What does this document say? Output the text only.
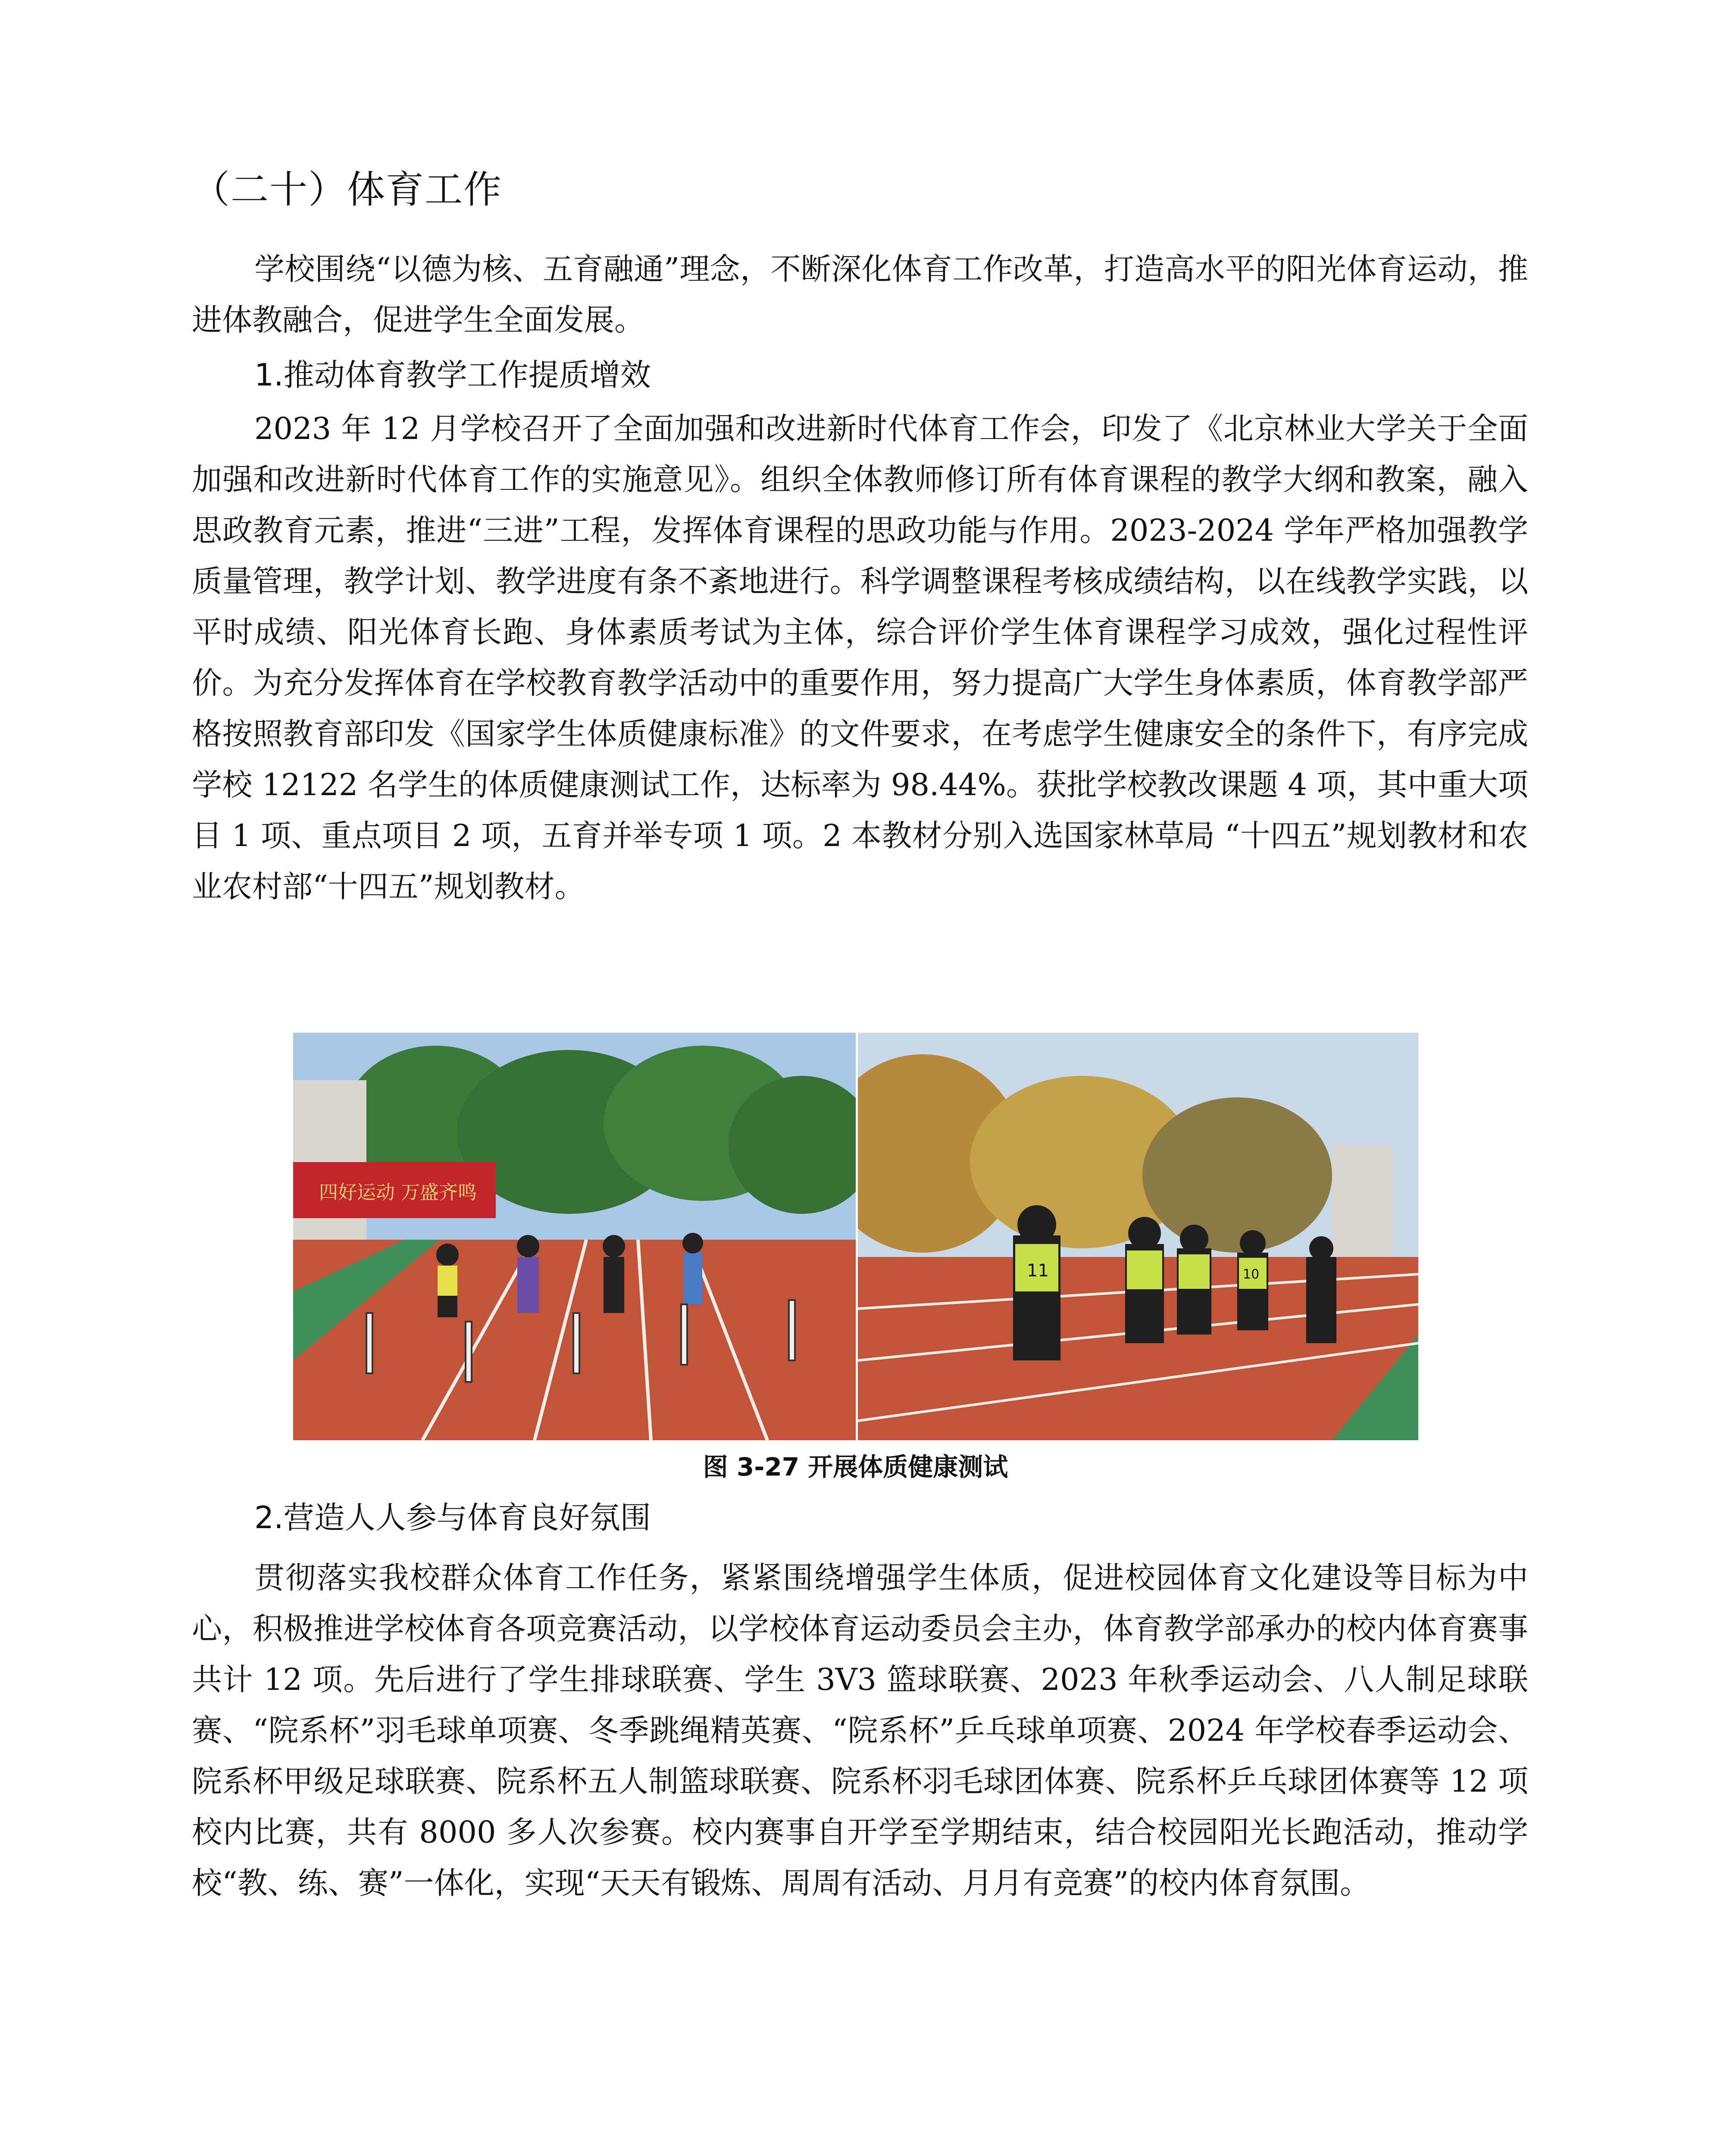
（二十）体育工作

学校围绕“以德为核、五育融通”理念，不断深化体育工作改革，打造高水平的阳光体育运动，推进体教融合，促进学生全面发展。

1.推动体育教学工作提质增效

2023 年 12 月学校召开了全面加强和改进新时代体育工作会，印发了《北京林业大学关于全面加强和改进新时代体育工作的实施意见》。组织全体教师修订所有体育课程的教学大纲和教案，融入思政教育元素，推进“三进”工程，发挥体育课程的思政功能与作用。2023-2024 学年严格加强教学质量管理，教学计划、教学进度有条不紊地进行。科学调整课程考核成绩结构，以在线教学实践，以平时成绩、阳光体育长跑、身体素质考试为主体，综合评价学生体育课程学习成效，强化过程性评价。为充分发挥体育在学校教育教学活动中的重要作用，努力提高广大学生身体素质，体育教学部严格按照教育部印发《国家学生体质健康标准》的文件要求，在考虑学生健康安全的条件下，有序完成学校 12122 名学生的体质健康测试工作，达标率为 98.44%。获批学校教改课题 4 项，其中重大项目 1 项、重点项目 2 项，五育并举专项 1 项。2 本教材分别入选国家林草局 “十四五”规划教材和农业农村部“十四五”规划教材。

四好运动 万盛齐鸣
11	10

图 3-27 开展体质健康测试

2.营造人人参与体育良好氛围

贯彻落实我校群众体育工作任务，紧紧围绕增强学生体质，促进校园体育文化建设等目标为中心，积极推进学校体育各项竞赛活动，以学校体育运动委员会主办，体育教学部承办的校内体育赛事共计 12 项。先后进行了学生排球联赛、学生 3V3 篮球联赛、2023 年秋季运动会、八人制足球联赛、“院系杯”羽毛球单项赛、冬季跳绳精英赛、“院系杯”乒乓球单项赛、2024 年学校春季运动会、院系杯甲级足球联赛、院系杯五人制篮球联赛、院系杯羽毛球团体赛、院系杯乒乓球团体赛等 12 项校内比赛，共有 8000 多人次参赛。校内赛事自开学至学期结束，结合校园阳光长跑活动，推动学校“教、练、赛”一体化，实现“天天有锻炼、周周有活动、月月有竞赛”的校内体育氛围。
